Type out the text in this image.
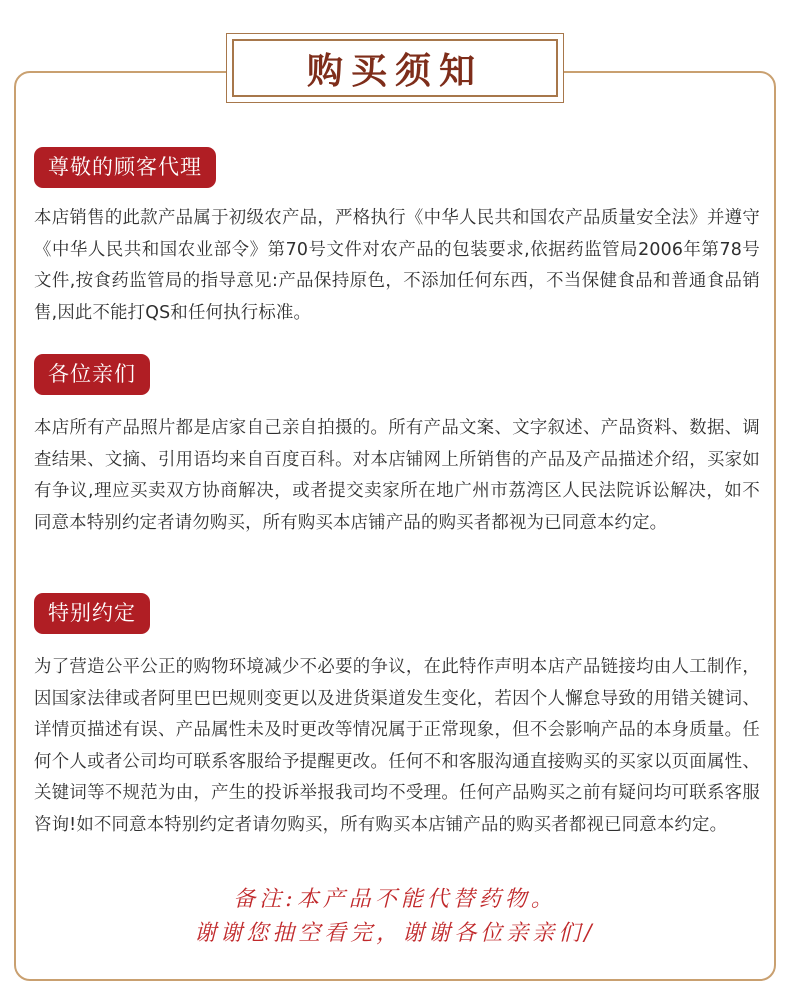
购买须知
尊敬的顾客代理
本店销售的此款产品属于初级农产品，严格执行《中华人民共和国农产品质量安全法》并遵守《中华人民共和国农业部令》第70号文件对农产品的包装要求,依据药监管局2006年第78号文件,按食药监管局的指导意见:产品保持原色，不添加任何东西，不当保健食品和普通食品销售,因此不能打QS和任何执行标准。
各位亲们
本店所有产品照片都是店家自己亲自拍摄的。所有产品文案、文字叙述、产品资料、数据、调查结果、文摘、引用语均来自百度百科。对本店铺网上所销售的产品及产品描述介绍，买家如有争议,理应买卖双方协商解决，或者提交卖家所在地广州市荔湾区人民法院诉讼解决，如不同意本特别约定者请勿购买，所有购买本店铺产品的购买者都视为已同意本约定。
特别约定
为了营造公平公正的购物环境减少不必要的争议，在此特作声明本店产品链接均由人工制作，因国家法律或者阿里巴巴规则变更以及进货渠道发生变化，若因个人懈怠导致的用错关键词、详情页描述有误、产品属性未及时更改等情况属于正常现象，但不会影响产品的本身质量。任何个人或者公司均可联系客服给予提醒更改。任何不和客服沟通直接购买的买家以页面属性、关键词等不规范为由，产生的投诉举报我司均不受理。任何产品购买之前有疑问均可联系客服咨询!如不同意本特别约定者请勿购买，所有购买本店铺产品的购买者都视已同意本约定。
备注:本产品不能代替药物。
谢谢您抽空看完，谢谢各位亲亲们/
